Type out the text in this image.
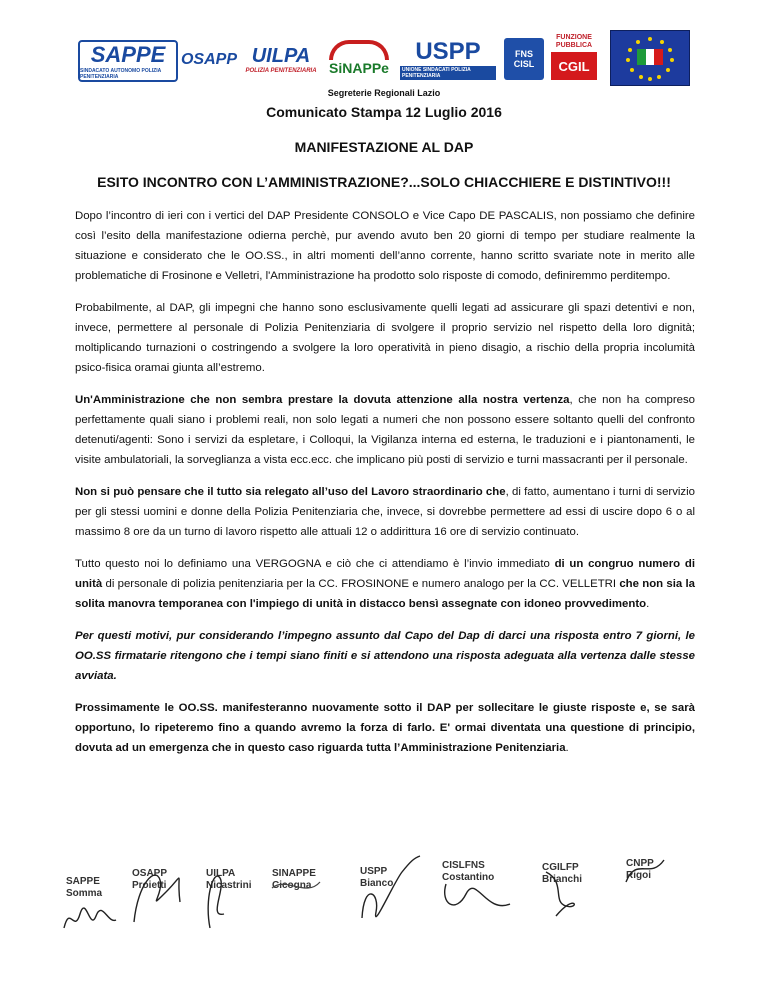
SAPPE
SINDACATO AUTONOMO POLIZIA PENITENZIARIA
OSAPP UILPA
POLIZIA PENITENZIARIA SiNAPPe
USPP
UNIONE SINDACATI POLIZIA PENITENZIARIA
FNS CISL
FUNZIONE PUBBLICA
CGIL
Segreterie Regionali Lazio
Comunicato Stampa 12 Luglio 2016
MANIFESTAZIONE AL DAP
ESITO INCONTRO CON L’AMMINISTRAZIONE?...SOLO CHIACCHIERE E DISTINTIVO!!!

Dopo l’incontro di ieri con i vertici del DAP Presidente CONSOLO e Vice Capo DE PASCALIS, non possiamo che definire così l’esito della manifestazione odierna perchè, pur avendo avuto ben 20 giorni di tempo per studiare realmente la situazione e considerato che le OO.SS., in altri momenti dell’anno corrente, hanno scritto svariate note in merito alle problematiche di Frosinone e Velletri, l'Amministrazione ha prodotto solo risposte di comodo, definiremmo perditempo.

Probabilmente, al DAP, gli impegni che hanno sono esclusivamente quelli legati ad assicurare gli spazi detentivi e non, invece, permettere al personale di Polizia Penitenziaria di svolgere il proprio servizio nel rispetto della loro dignità; moltiplicando turnazioni o costringendo a svolgere la loro operatività in pieno disagio, a rischio della propria incolumità psico-fisica oramai giunta all’estremo.

Un'Amministrazione che non sembra prestare la dovuta attenzione alla nostra vertenza, che non ha compreso perfettamente quali siano i problemi reali, non solo legati a numeri che non possono essere soltanto quelli del confronto detenuti/agenti: Sono i servizi da espletare, i Colloqui, la Vigilanza interna ed esterna, le traduzioni e i piantonamenti, le visite ambulatoriali, la sorveglianza a vista ecc.ecc. che implicano più posti di servizio e turni massacranti per il personale.

Non si può pensare che il tutto sia relegato all’uso del Lavoro straordinario che, di fatto, aumentano i turni di servizio per gli stessi uomini e donne della Polizia Penitenziaria che, invece, si dovrebbe permettere ad essi di uscire dopo 6 o al massimo 8 ore da un turno di lavoro rispetto alle attuali 12 o addirittura 16 ore di servizio continuato.

Tutto questo noi lo definiamo una VERGOGNA e ciò che ci attendiamo è l’invio immediato di un congruo numero di unità di personale di polizia penitenziaria per la CC. FROSINONE e numero analogo per la CC. VELLETRI che non sia la solita manovra temporanea con l'impiego di unità in distacco bensì assegnate con idoneo provvedimento.

Per questi motivi, pur considerando l’impegno assunto dal Capo del Dap di darci una risposta entro 7 giorni, le OO.SS firmatarie ritengono che i tempi siano finiti e si attendono una risposta adeguata alla vertenza dalle stesse avviata.

Prossimamente le OO.SS. manifesteranno nuovamente sotto il DAP per sollecitare le giuste risposte e, se sarà opportuno, lo ripeteremo fino a quando avremo la forza di farlo. E' ormai diventata una questione di principio, dovuta ad un emergenza che in questo caso riguarda tutta l’Amministrazione Penitenziaria.

SAPPE
Somma
OSAPP
Proietti
UILPA
Nicastrini
SINAPPE
Cicogna
USPP
Bianco
CISLFNS
Costantino
CGILFP
Brianchi
CNPP
Rigoi
